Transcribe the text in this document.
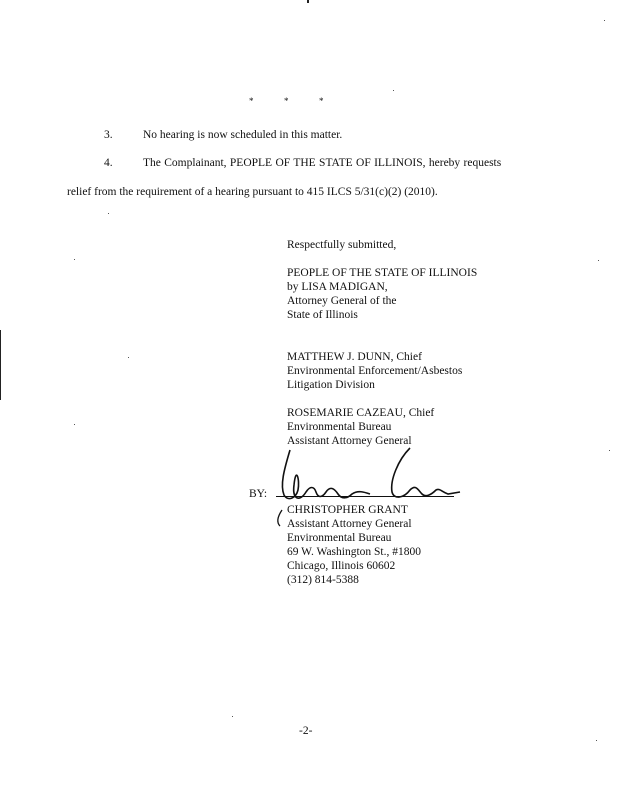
*	*	*
3.	No hearing is now scheduled in this matter.
4.	The Complainant, PEOPLE OF THE STATE OF ILLINOIS, hereby requests
relief from the requirement of a hearing pursuant to 415 ILCS 5/31(c)(2) (2010).
Respectfully submitted,
PEOPLE OF THE STATE OF ILLINOIS
by LISA MADIGAN,
Attorney General of the
State of Illinois
MATTHEW J. DUNN, Chief
Environmental Enforcement/Asbestos
Litigation Division
ROSEMARIE CAZEAU, Chief
Environmental Bureau
Assistant Attorney General
BY:
CHRISTOPHER GRANT
Assistant Attorney General
Environmental Bureau
69 W. Washington St., #1800
Chicago, Illinois 60602
(312) 814-5388
-2-
